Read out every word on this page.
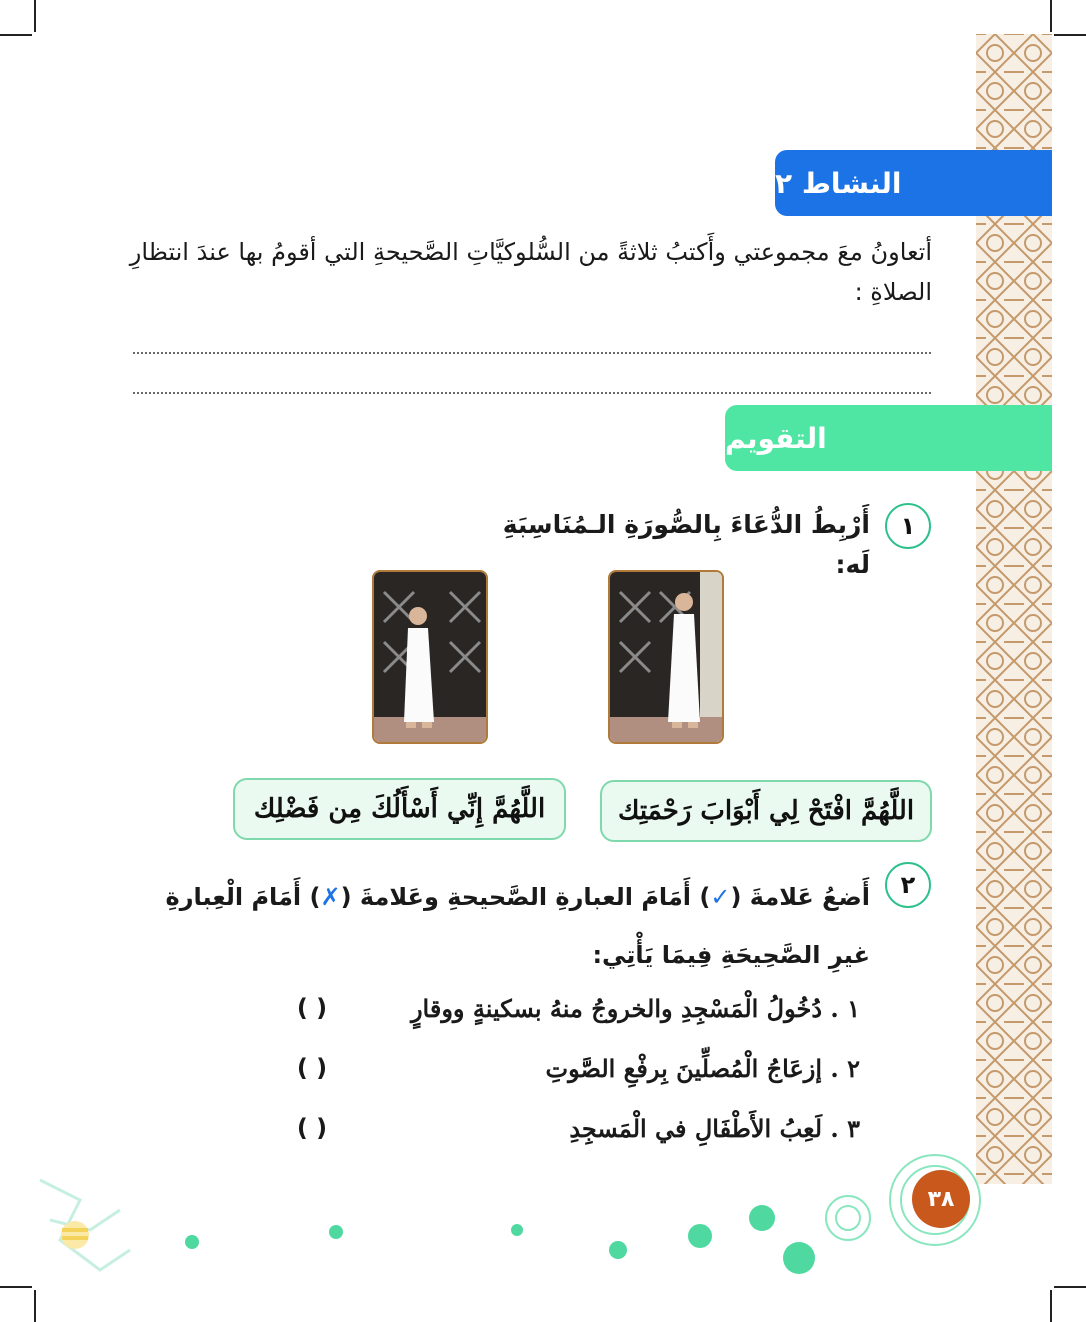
النشاط ٢
أتعاونُ معَ مجموعتي وأَكتبُ ثلاثةً من السُّلوكيَّاتِ الصَّحيحةِ التي أقومُ بها عندَ انتظارِ الصلاةِ :
التقويم
١
أَرْبِطُ الدُّعَاءَ بِالصُّورَةِ الـمُنَاسِبَةِ لَه:
اللَّهُمَّ افْتَحْ لِي أَبْوَابَ رَحْمَتِك
اللَّهُمَّ إِنِّي أَسْأَلُكَ مِن فَضْلِك
٢
أَضعُ عَلامةَ (✓) أَمَامَ العبارةِ الصَّحيحةِ وعَلامةَ (✗) أَمَامَ الْعِبارةِ غيرِ الصَّحِيحَةِ فِيمَا يَأْتِي:
١ . دُخُولُ الْمَسْجِدِ والخروجُ منهُ بسكينةٍ ووقارٍ
( )
٢ . إزعَاجُ الْمُصلِّينَ بِرفْعِ الصَّوتِ
( )
٣ . لَعِبُ الأَطْفَالِ في الْمَسجِدِ
( )
٣٨
